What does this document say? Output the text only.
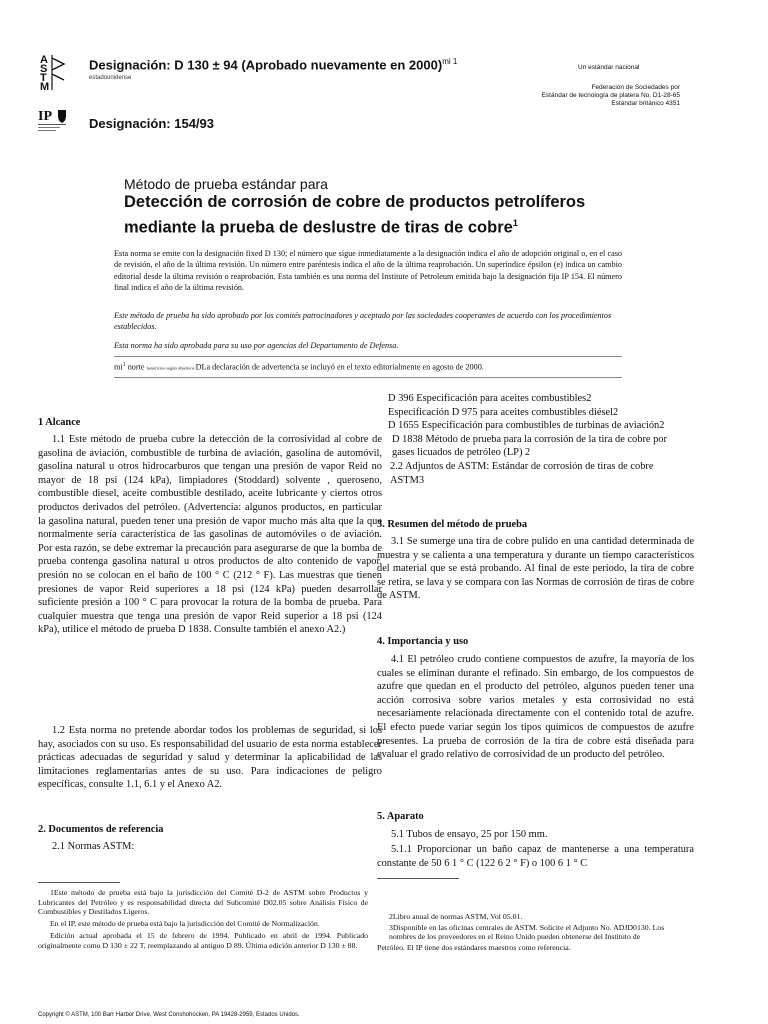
A
S
T
M
Designación: D 130 ± 94 (Aprobado nuevamente en 2000)$^{mi 1}$
estadounidense
IP	Designación: 154/93
Un estándar nacional
Federación de Sociedades por
Estándar de tecnología de platera No. D1-28-65
Estándar británico 4351
Método de prueba estándar para
Detección de corrosión de cobre de productos petrolíferos mediante la prueba de deslustre de tiras de cobre$^1$
Esta norma se emite con la designación fixed D 130; el número que sigue inmediatamente a la designación indica el año de adopción original o, en el caso de revisión, el año de la última revisión. Un número entre paréntesis indica el año de la última reaprobación. Un superíndice épsilon (e) indica un cambio editorial desde la última revisión o reaprobación. Esta también es una norma del Institute of Petroleum emitida bajo la designación fija IP 154. El número final indica el año de la última revisión.
Este método de prueba ha sido aprobado por los comités patrocinadores y aceptado por las sociedades cooperantes de acuerdo con los procedimientos establecidos.
Esta norma ha sido aprobada para su uso por agencias del Departamento de Defensa.
$mi^1$ norte beneficios según objetivos:DLa declaración de advertencia se incluyó en el texto editorialmente en agosto de 2000.
1 Alcance

1.1 Este método de prueba cubre la detección de la corrosividad al cobre de gasolina de aviación, combustible de turbina de aviación, gasolina de automóvil, gasolina natural u otros hidrocarburos que tengan una presión de vapor Reid no mayor de 18 psi (124 kPa), limpiadores (Stoddard) solvente , queroseno, combustible diesel, aceite combustible destilado, aceite lubricante y ciertos otros productos derivados del petróleo. (Advertencia: algunos productos, en particular la gasolina natural, pueden tener una presión de vapor mucho más alta que la que normalmente sería característica de las gasolinas de automóviles o de aviación. Por esta razón, se debe extremar la precaución para asegurarse de que la bomba de prueba contenga gasolina natural u otros productos de alto contenido de vapor. presión no se colocan en el baño de 100 ° C (212 ° F). Las muestras que tienen presiones de vapor Reid superiores a 18 psi (124 kPa) pueden desarrollar suficiente presión a 100 ° C para provocar la rotura de la bomba de prueba. Para cualquier muestra que tenga una presión de vapor Reid superior a 18 psi (124 kPa), utilice el método de prueba D 1838. Consulte también el anexo A2.)

1.2 Esta norma no pretende abordar todos los problemas de seguridad, si los hay, asociados con su uso. Es responsabilidad del usuario de esta norma establecer prácticas adecuadas de seguridad y salud y determinar la aplicabilidad de las limitaciones reglamentarias antes de su uso. Para indicaciones de peligro específicas, consulte 1.1, 6.1 y el Anexo A2.

2. Documentos de referencia

2.1 Normas ASTM:

D 396 Especificación para aceites combustibles2
Especificación D 975 para aceites combustibles diésel2
D 1655 Especificación para combustibles de turbinas de aviación2
D 1838 Método de prueba para la corrosión de la tira de cobre por gases licuados de petróleo (LP) 2
2.2 Adjuntos de ASTM: Estándar de corrosión de tiras de cobre
ASTM3
3. Resumen del método de prueba

3.1 Se sumerge una tira de cobre pulido en una cantidad determinada de muestra y se calienta a una temperatura y durante un tiempo característicos del material que se está probando. Al final de este período, la tira de cobre se retira, se lava y se compara con las Normas de corrosión de tiras de cobre de ASTM.

4. Importancia y uso

4.1 El petróleo crudo contiene compuestos de azufre, la mayoría de los cuales se eliminan durante el refinado. Sin embargo, de los compuestos de azufre que quedan en el producto del petróleo, algunos pueden tener una acción corrosiva sobre varios metales y esta corrosividad no está necesariamente relacionada directamente con el contenido total de azufre. El efecto puede variar según los tipos químicos de compuestos de azufre presentes. La prueba de corrosión de la tira de cobre está diseñada para evaluar el grado relativo de corrosividad de un producto del petróleo.

5. Aparato

5.1 Tubos de ensayo, 25 por 150 mm.

5.1.1 Proporcionar un baño capaz de mantenerse a una temperatura constante de 50 6 1 ° C (122 6 2 ° F) o 100 6 1 ° C

1Este método de prueba está bajo la jurisdicción del Comité D-2 de ASTM sobre Productos y Lubricantes del Petróleo y es responsabilidad directa del Subcomité D02.05 sobre Análisis Físico de Combustibles y Destilados Ligeros.

En el IP, este método de prueba está bajo la jurisdicción del Comité de Normalización.

Edición actual aprobada el 15 de febrero de 1994. Publicado en abril de 1994. Publicado originalmente como D 130 ± 22 T, reemplazando al antiguo D 89. Última edición anterior D 130 ± 88.

2Libro anual de normas ASTM, Vol 05.01.

3Disponible en las oficinas centrales de ASTM. Solicite el Adjunto No. ADJD0130. Los nombres de los proveedores en el Reino Unido pueden obtenerse del Instituto de

Petróleo. El IP tiene dos estándares maestros como referencia.

Copyright © ASTM, 100 Barr Harbor Drive, West Conshohocken, PA 19428-2959, Estados Unidos.
